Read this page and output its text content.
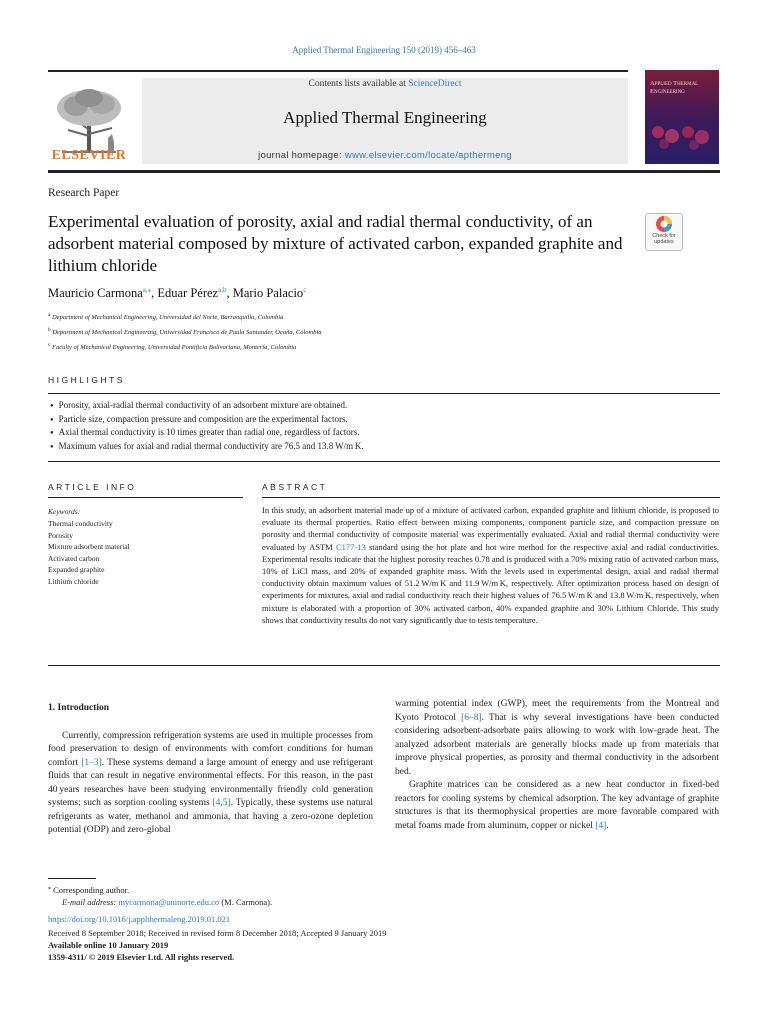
Applied Thermal Engineering 150 (2019) 456–463
ELSEVIER
Contents lists available at ScienceDirect
Applied Thermal Engineering
journal homepage: www.elsevier.com/locate/apthermeng
Applied Thermal Engineering
Research Paper
Experimental evaluation of porosity, axial and radial thermal conductivity, of an adsorbent material composed by mixture of activated carbon, expanded graphite and lithium chloride
Check for updates
Mauricio Carmona$^{a,⁎}$, Eduar Pérez$^{a,b}$, Mario Palacio$^c$
$^a$ Department of Mechanical Engineering, Universidad del Norte, Barranquilla, Colombia
$^b$ Department of Mechanical Engineering, Universidad Francisco de Paula Santander, Ocaña, Colombia
$^c$ Faculty of Mechanical Engineering, Universidad Pontificia Bolivariana, Montería, Colombia
HIGHLIGHTS
● Porosity, axial-radial thermal conductivity of an adsorbent mixture are obtained.
● Particle size, compaction pressure and composition are the experimental factors.
● Axial thermal conductivity is 10 times greater than radial one, regardless of factors.
● Maximum values for axial and radial thermal conductivity are 76.5 and 13.8 W/m K.
ARTICLE INFO	ABSTRACT
Keywords:
Thermal conductivity
Porosity
Mixture adsorbent material
Activated carbon
Expanded graphite
Lithium chloride
In this study, an adsorbent material made up of a mixture of activated carbon, expanded graphite and lithium chloride, is proposed to evaluate its thermal properties. Ratio effect between mixing components, component particle size, and compaction pressure on porosity and thermal conductivity of composite material was experimentally evaluated. Axial and radial thermal conductivity were evaluated by ASTM C177-13 standard using the hot plate and hot wire method for the respective axial and radial conductivities. Experimental results indicate that the highest porosity reaches 0.78 and is produced with a 70% mixing ratio of activated carbon mass, 10% of LiCl mass, and 20% of expanded graphite mass. With the levels used in experimental design, axial and radial thermal conductivity obtain maximum values of 51.2 W/m K and 11.9 W/m K, respectively. After optimization process based on design of experiments for mixtures, axial and radial conductivity reach their highest values of 76.5 W/m K and 13.8 W/m K, respectively, when mixture is elaborated with a proportion of 30% activated carbon, 40% expanded graphite and 30% Lithium Chloride. This study shows that conductivity results do not vary significantly due to tests temperature.
1. Introduction

Currently, compression refrigeration systems are used in multiple processes from food preservation to design of environments with comfort conditions for human comfort [1–3]. These systems demand a large amount of energy and use refrigerant fluids that can result in negative environmental effects. For this reason, in the past 40 years researches have been studying environmentally friendly cold generation systems; such as sorption cooling systems [4,5]. Typically, these systems use natural refrigerants as water, methanol and ammonia, that having a zero-ozone depletion potential (ODP) and zero-global

warming potential index (GWP), meet the requirements from the Montreal and Kyoto Protocol [6–8]. That is why several investigations have been conducted considering adsorbent-adsorbate pairs allowing to work with low-grade heat. The analyzed adsorbent materials are generally blocks made up from materials that improve physical properties, as porosity and thermal conductivity in the adsorbent bed.

Graphite matrices can be considered as a new heat conductor in fixed-bed reactors for cooling systems by chemical adsorption. The key advantage of graphite structures is that its thermophysical properties are more favorable compared with metal foams made from aluminum, copper or nickel [4].

⁎ Corresponding author.
E-mail address: mycarmona@uninorte.edu.co (M. Carmona).
https://doi.org/10.1016/j.applthermaleng.2019.01.021
Received 8 September 2018; Received in revised form 8 December 2018; Accepted 9 January 2019
Available online 10 January 2019
1359-4311/ © 2019 Elsevier Ltd. All rights reserved.
